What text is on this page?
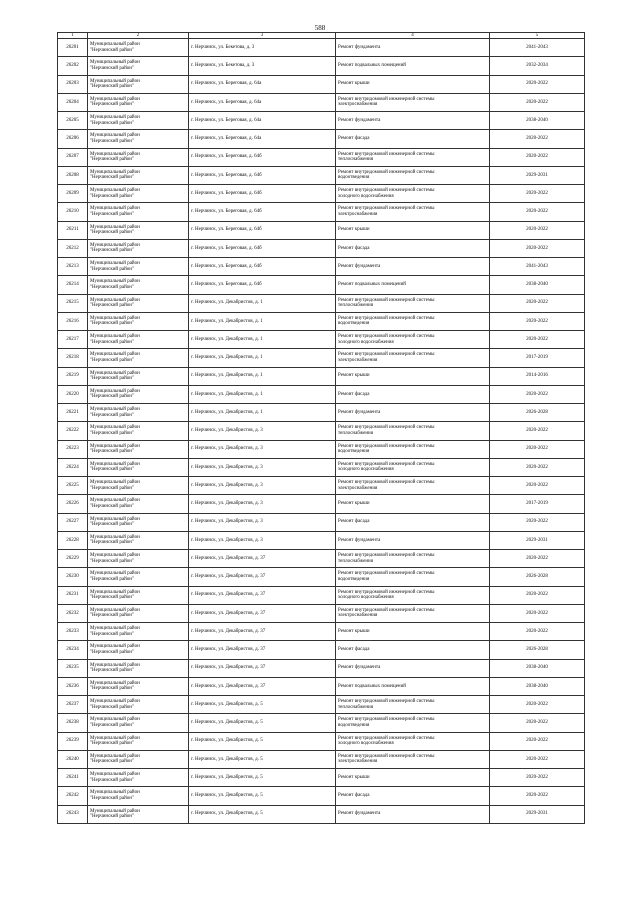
588
1	2	3	4	5
26201	Муниципальный район
"Нерчинский район"	г. Нерчинск, ул. Бекетова, д. 3	Ремонт фундамента	2041-2043
26202	Муниципальный район
"Нерчинский район"	г. Нерчинск, ул. Бекетова, д. 3	Ремонт подвальных помещений	2032-2034
26203	Муниципальный район
"Нерчинский район"	г. Нерчинск, ул. Береговая, д. 64а	Ремонт крыши	2020-2022
26204	Муниципальный район
"Нерчинский район"	г. Нерчинск, ул. Береговая, д. 64а	Ремонт внутридомовой инженерной системы
электроснабжения	2020-2022
26205	Муниципальный район
"Нерчинский район"	г. Нерчинск, ул. Береговая, д. 64а	Ремонт фундамента	2038-2040
26206	Муниципальный район
"Нерчинский район"	г. Нерчинск, ул. Береговая, д. 64а	Ремонт фасада	2020-2022
26207	Муниципальный район
"Нерчинский район"	г. Нерчинск, ул. Береговая, д. 64б	Ремонт внутридомовой инженерной системы
теплоснабжения	2020-2022
26208	Муниципальный район
"Нерчинский район"	г. Нерчинск, ул. Береговая, д. 64б	Ремонт внутридомовой инженерной системы
водоотведения	2029-2031
26209	Муниципальный район
"Нерчинский район"	г. Нерчинск, ул. Береговая, д. 64б	Ремонт внутридомовой инженерной системы
холодного водоснабжения	2020-2022
26210	Муниципальный район
"Нерчинский район"	г. Нерчинск, ул. Береговая, д. 64б	Ремонт внутридомовой инженерной системы
электроснабжения	2020-2022
26211	Муниципальный район
"Нерчинский район"	г. Нерчинск, ул. Береговая, д. 64б	Ремонт крыши	2020-2022
26212	Муниципальный район
"Нерчинский район"	г. Нерчинск, ул. Береговая, д. 64б	Ремонт фасада	2020-2022
26213	Муниципальный район
"Нерчинский район"	г. Нерчинск, ул. Береговая, д. 64б	Ремонт фундамента	2041-2043
26214	Муниципальный район
"Нерчинский район"	г. Нерчинск, ул. Береговая, д. 64б	Ремонт подвальных помещений	2038-2040
26215	Муниципальный район
"Нерчинский район"	г. Нерчинск, ул. Декабристов, д. 1	Ремонт внутридомовой инженерной системы
теплоснабжения	2020-2022
26216	Муниципальный район
"Нерчинский район"	г. Нерчинск, ул. Декабристов, д. 1	Ремонт внутридомовой инженерной системы
водоотведения	2020-2022
26217	Муниципальный район
"Нерчинский район"	г. Нерчинск, ул. Декабристов, д. 1	Ремонт внутридомовой инженерной системы
холодного водоснабжения	2020-2022
26218	Муниципальный район
"Нерчинский район"	г. Нерчинск, ул. Декабристов, д. 1	Ремонт внутридомовой инженерной системы
электроснабжения	2017-2019
26219	Муниципальный район
"Нерчинский район"	г. Нерчинск, ул. Декабристов, д. 1	Ремонт крыши	2014-2016
26220	Муниципальный район
"Нерчинский район"	г. Нерчинск, ул. Декабристов, д. 1	Ремонт фасада	2020-2022
26221	Муниципальный район
"Нерчинский район"	г. Нерчинск, ул. Декабристов, д. 1	Ремонт фундамента	2026-2028
26222	Муниципальный район
"Нерчинский район"	г. Нерчинск, ул. Декабристов, д. 3	Ремонт внутридомовой инженерной системы
теплоснабжения	2020-2022
26223	Муниципальный район
"Нерчинский район"	г. Нерчинск, ул. Декабристов, д. 3	Ремонт внутридомовой инженерной системы
водоотведения	2020-2022
26224	Муниципальный район
"Нерчинский район"	г. Нерчинск, ул. Декабристов, д. 3	Ремонт внутридомовой инженерной системы
холодного водоснабжения	2020-2022
26225	Муниципальный район
"Нерчинский район"	г. Нерчинск, ул. Декабристов, д. 3	Ремонт внутридомовой инженерной системы
электроснабжения	2020-2022
26226	Муниципальный район
"Нерчинский район"	г. Нерчинск, ул. Декабристов, д. 3	Ремонт крыши	2017-2019
26227	Муниципальный район
"Нерчинский район"	г. Нерчинск, ул. Декабристов, д. 3	Ремонт фасада	2020-2022
26228	Муниципальный район
"Нерчинский район"	г. Нерчинск, ул. Декабристов, д. 3	Ремонт фундамента	2029-2031
26229	Муниципальный район
"Нерчинский район"	г. Нерчинск, ул. Декабристов, д. 37	Ремонт внутридомовой инженерной системы
теплоснабжения	2020-2022
26230	Муниципальный район
"Нерчинский район"	г. Нерчинск, ул. Декабристов, д. 37	Ремонт внутридомовой инженерной системы
водоотведения	2026-2028
26231	Муниципальный район
"Нерчинский район"	г. Нерчинск, ул. Декабристов, д. 37	Ремонт внутридомовой инженерной системы
холодного водоснабжения	2020-2022
26232	Муниципальный район
"Нерчинский район"	г. Нерчинск, ул. Декабристов, д. 37	Ремонт внутридомовой инженерной системы
электроснабжения	2020-2022
26233	Муниципальный район
"Нерчинский район"	г. Нерчинск, ул. Декабристов, д. 37	Ремонт крыши	2020-2022
26234	Муниципальный район
"Нерчинский район"	г. Нерчинск, ул. Декабристов, д. 37	Ремонт фасада	2026-2028
26235	Муниципальный район
"Нерчинский район"	г. Нерчинск, ул. Декабристов, д. 37	Ремонт фундамента	2038-2040
26236	Муниципальный район
"Нерчинский район"	г. Нерчинск, ул. Декабристов, д. 37	Ремонт подвальных помещений	2038-2040
26237	Муниципальный район
"Нерчинский район"	г. Нерчинск, ул. Декабристов, д. 5	Ремонт внутридомовой инженерной системы
теплоснабжения	2020-2022
26238	Муниципальный район
"Нерчинский район"	г. Нерчинск, ул. Декабристов, д. 5	Ремонт внутридомовой инженерной системы
водоотведения	2020-2022
26239	Муниципальный район
"Нерчинский район"	г. Нерчинск, ул. Декабристов, д. 5	Ремонт внутридомовой инженерной системы
холодного водоснабжения	2020-2022
26240	Муниципальный район
"Нерчинский район"	г. Нерчинск, ул. Декабристов, д. 5	Ремонт внутридомовой инженерной системы
электроснабжения	2020-2022
26241	Муниципальный район
"Нерчинский район"	г. Нерчинск, ул. Декабристов, д. 5	Ремонт крыши	2020-2022
26242	Муниципальный район
"Нерчинский район"	г. Нерчинск, ул. Декабристов, д. 5	Ремонт фасада	2020-2022
26243	Муниципальный район
"Нерчинский район"	г. Нерчинск, ул. Декабристов, д. 5	Ремонт фундамента	2029-2031
